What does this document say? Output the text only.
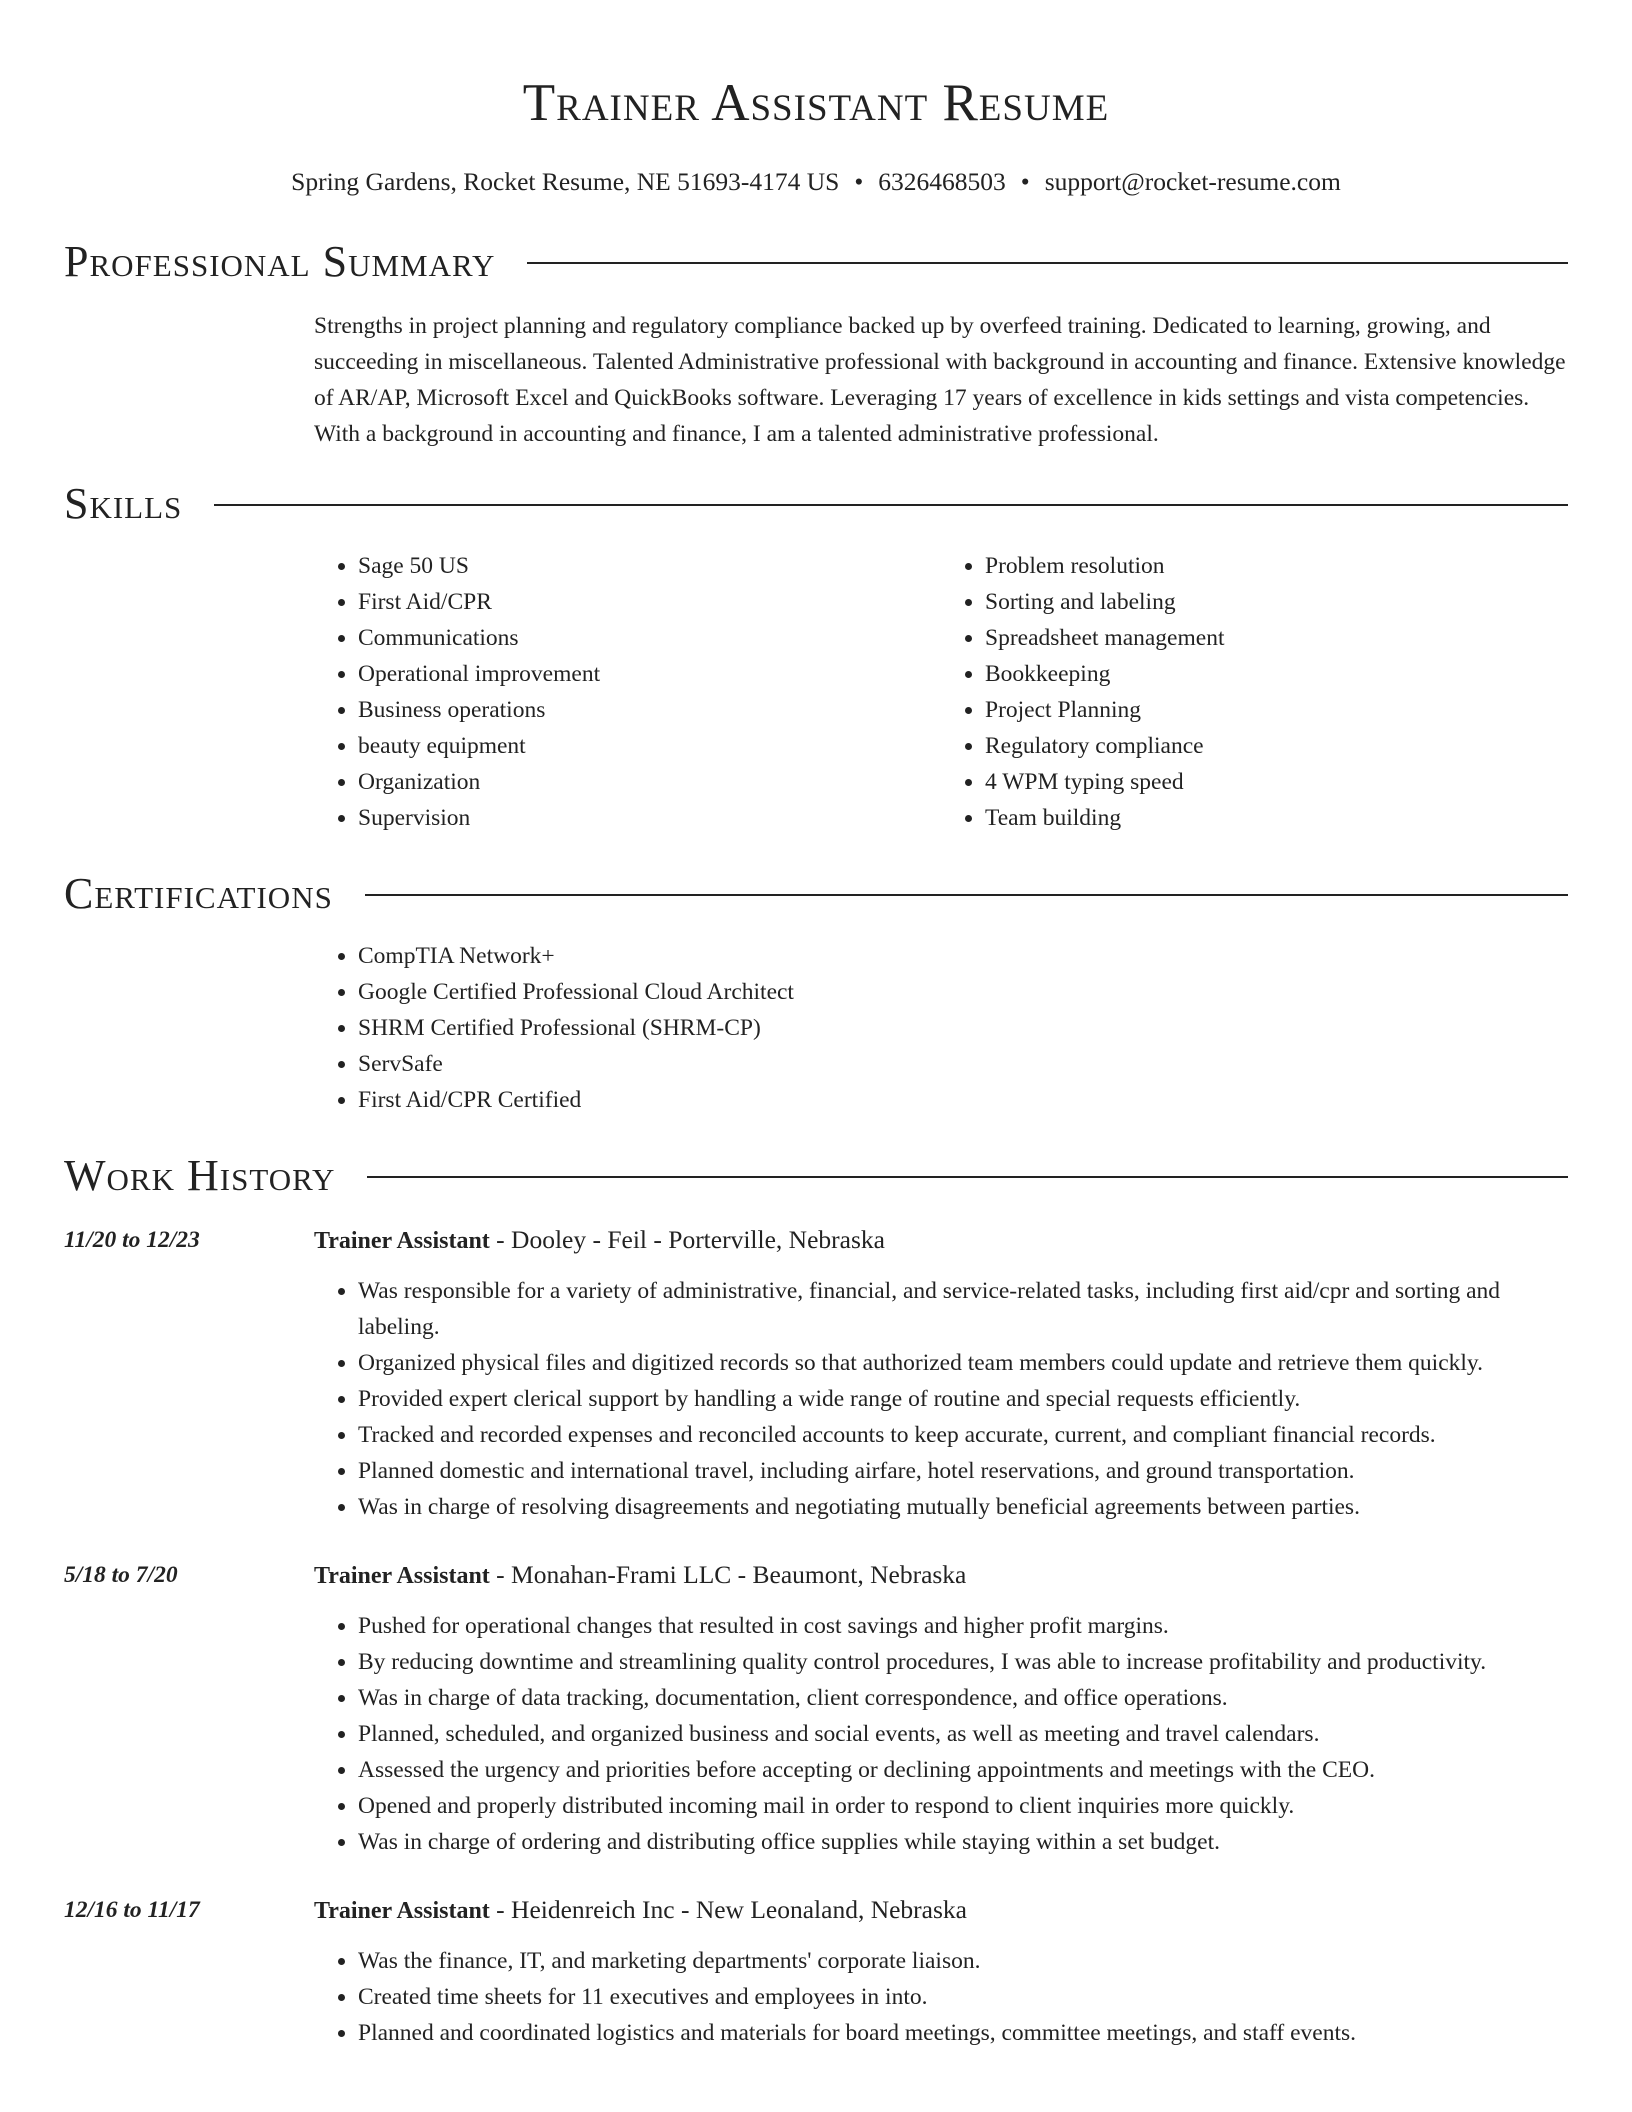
Trainer Assistant Resume
Spring Gardens, Rocket Resume, NE 51693-4174 US • 6326468503 • support@rocket-resume.com
Professional Summary

Strengths in project planning and regulatory compliance backed up by overfeed training. Dedicated to learning, growing, and succeeding in miscellaneous. Talented Administrative professional with background in accounting and finance. Extensive knowledge of AR/AP, Microsoft Excel and QuickBooks software. Leveraging 17 years of excellence in kids settings and vista competencies. With a background in accounting and finance, I am a talented administrative professional.

Skills
• Sage 50 US
• First Aid/CPR
• Communications
• Operational improvement
• Business operations
• beauty equipment
• Organization
• Supervision
• Problem resolution
• Sorting and labeling
• Spreadsheet management
• Bookkeeping
• Project Planning
• Regulatory compliance
• 4 WPM typing speed
• Team building
Certifications
• CompTIA Network+
• Google Certified Professional Cloud Architect
• SHRM Certified Professional (SHRM-CP)
• ServSafe
• First Aid/CPR Certified
Work History
11/20 to 12/23	Trainer Assistant - Dooley - Feil - Porterville, Nebraska
• Was responsible for a variety of administrative, financial, and service-related tasks, including first aid/cpr and sorting and labeling.
• Organized physical files and digitized records so that authorized team members could update and retrieve them quickly.
• Provided expert clerical support by handling a wide range of routine and special requests efficiently.
• Tracked and recorded expenses and reconciled accounts to keep accurate, current, and compliant financial records.
• Planned domestic and international travel, including airfare, hotel reservations, and ground transportation.
• Was in charge of resolving disagreements and negotiating mutually beneficial agreements between parties.
5/18 to 7/20	Trainer Assistant - Monahan-Frami LLC - Beaumont, Nebraska
• Pushed for operational changes that resulted in cost savings and higher profit margins.
• By reducing downtime and streamlining quality control procedures, I was able to increase profitability and productivity.
• Was in charge of data tracking, documentation, client correspondence, and office operations.
• Planned, scheduled, and organized business and social events, as well as meeting and travel calendars.
• Assessed the urgency and priorities before accepting or declining appointments and meetings with the CEO.
• Opened and properly distributed incoming mail in order to respond to client inquiries more quickly.
• Was in charge of ordering and distributing office supplies while staying within a set budget.
12/16 to 11/17	Trainer Assistant - Heidenreich Inc - New Leonaland, Nebraska
• Was the finance, IT, and marketing departments' corporate liaison.
• Created time sheets for 11 executives and employees in into.
• Planned and coordinated logistics and materials for board meetings, committee meetings, and staff events.
